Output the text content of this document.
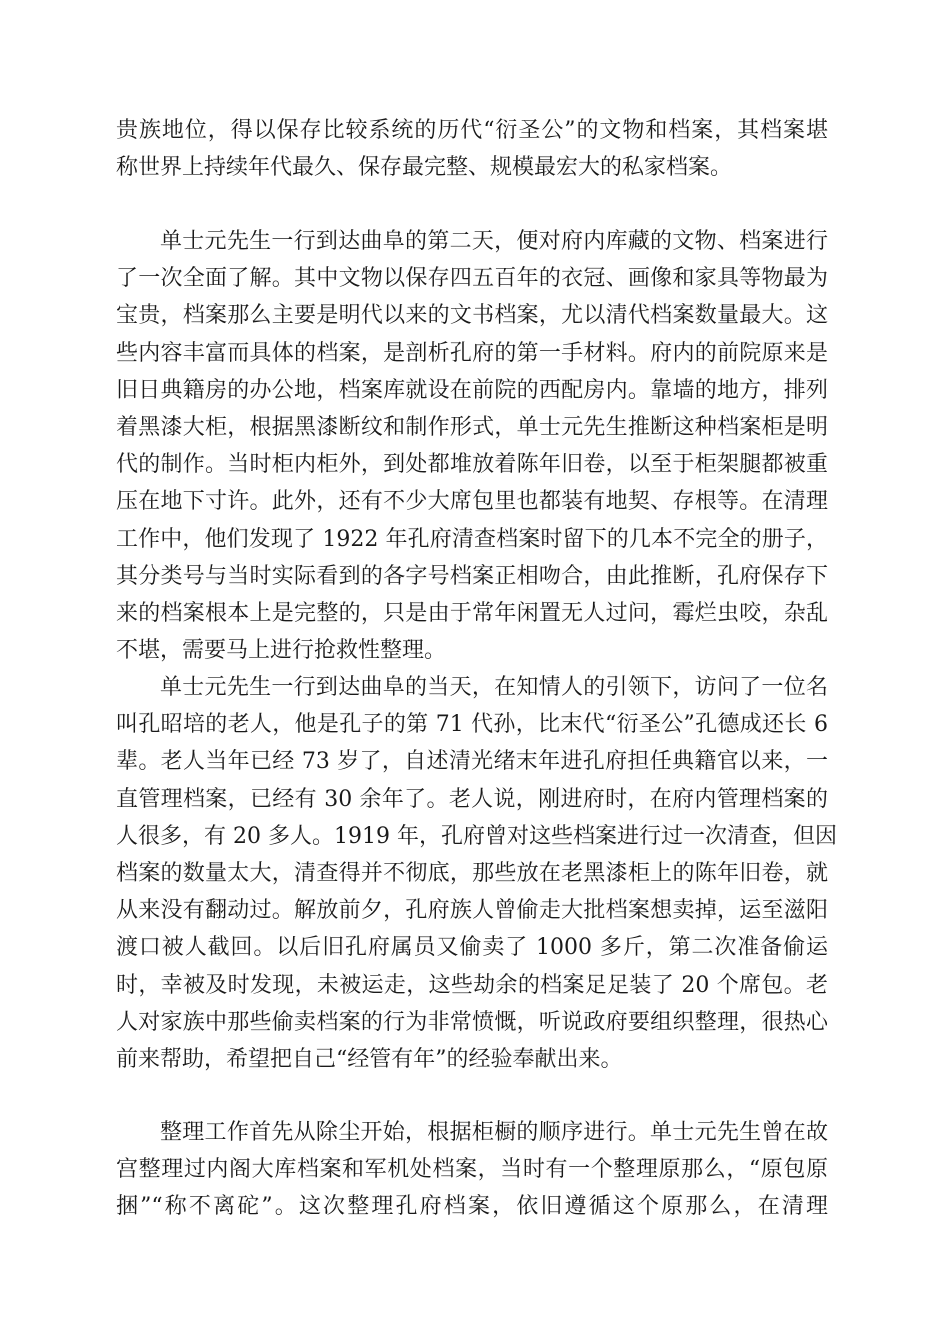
贵族地位，得以保存比较系统的历代“衍圣公”的文物和档案，其档案堪
称世界上持续年代最久、保存最完整、规模最宏大的私家档案。
单士元先生一行到达曲阜的第二天，便对府内库藏的文物、档案进行
了一次全面了解。其中文物以保存四五百年的衣冠、画像和家具等物最为
宝贵，档案那么主要是明代以来的文书档案，尤以清代档案数量最大。这
些内容丰富而具体的档案，是剖析孔府的第一手材料。府内的前院原来是
旧日典籍房的办公地，档案库就设在前院的西配房内。靠墙的地方，排列
着黑漆大柜，根据黑漆断纹和制作形式，单士元先生推断这种档案柜是明
代的制作。当时柜内柜外，到处都堆放着陈年旧卷，以至于柜架腿都被重
压在地下寸许。此外，还有不少大席包里也都装有地契、存根等。在清理
工作中，他们发现了 1922 年孔府清查档案时留下的几本不完全的册子，
其分类号与当时实际看到的各字号档案正相吻合，由此推断，孔府保存下
来的档案根本上是完整的，只是由于常年闲置无人过问，霉烂虫咬，杂乱
不堪，需要马上进行抢救性整理。
单士元先生一行到达曲阜的当天，在知情人的引领下，访问了一位名
叫孔昭培的老人，他是孔子的第 71 代孙，比末代“衍圣公”孔德成还长 6
辈。老人当年已经 73 岁了，自述清光绪末年进孔府担任典籍官以来，一
直管理档案，已经有 30 余年了。老人说，刚进府时，在府内管理档案的
人很多，有 20 多人。1919 年，孔府曾对这些档案进行过一次清查，但因
档案的数量太大，清查得并不彻底，那些放在老黑漆柜上的陈年旧卷，就
从来没有翻动过。解放前夕，孔府族人曾偷走大批档案想卖掉，运至滋阳
渡口被人截回。以后旧孔府属员又偷卖了 1000 多斤，第二次准备偷运
时，幸被及时发现，未被运走，这些劫余的档案足足装了 20 个席包。老
人对家族中那些偷卖档案的行为非常愤慨，听说政府要组织整理，很热心
前来帮助，希望把自己“经管有年”的经验奉献出来。
整理工作首先从除尘开始，根据柜橱的顺序进行。单士元先生曾在故
宫整理过内阁大库档案和军机处档案，当时有一个整理原那么，“原包原
捆”“称不离砣”。这次整理孔府档案，依旧遵循这个原那么，在清理
